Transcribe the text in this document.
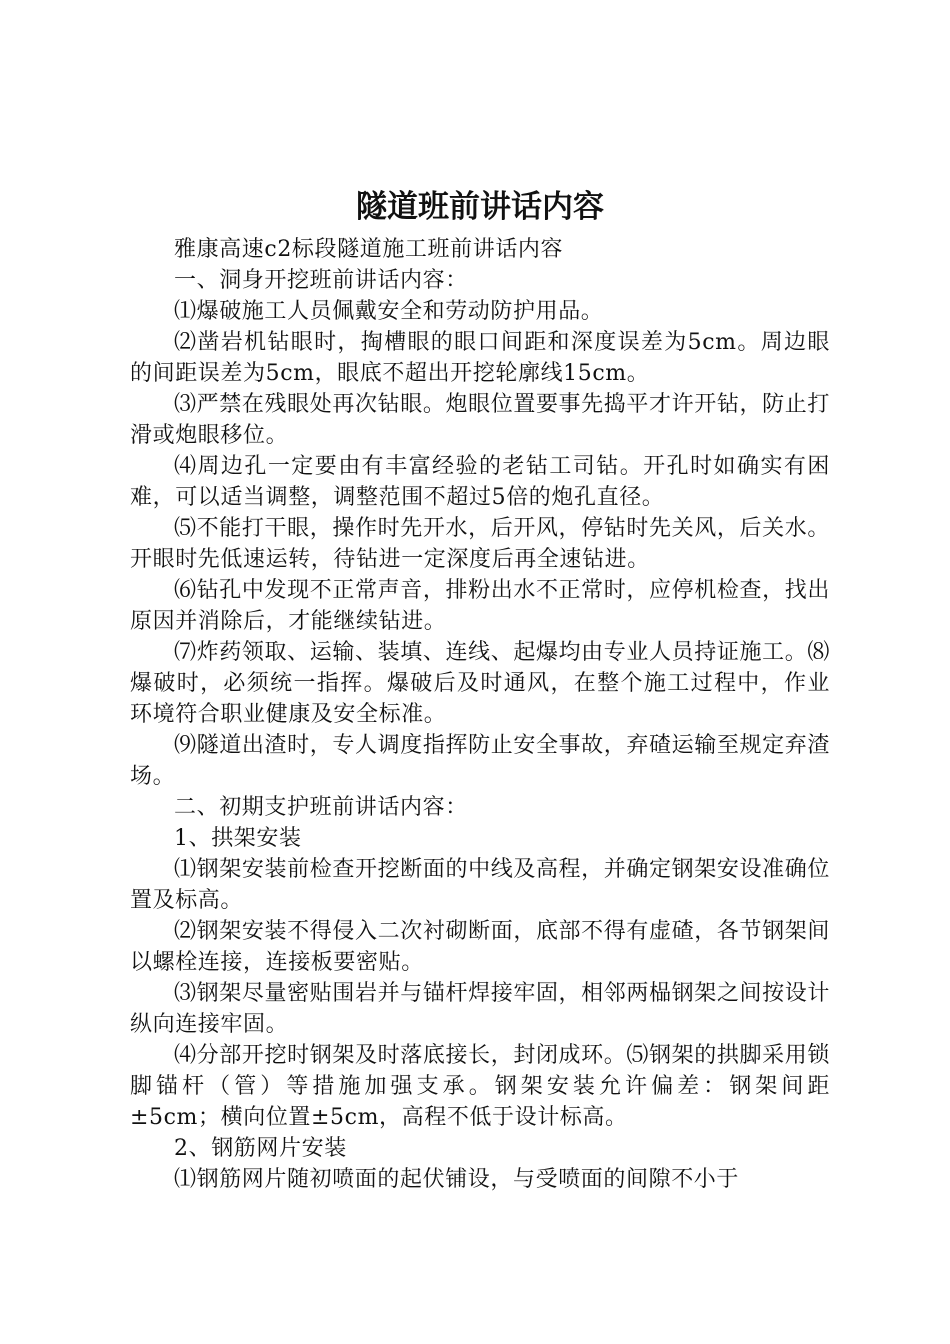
隧道班前讲话内容

雅康高速c2标段隧道施工班前讲话内容

一、洞身开挖班前讲话内容：

⑴爆破施工人员佩戴安全和劳动防护用品。

⑵凿岩机钻眼时，掏槽眼的眼口间距和深度误差为5cm。周边眼的间距误差为5cm，眼底不超出开挖轮廓线15cm。

⑶严禁在残眼处再次钻眼。炮眼位置要事先捣平才许开钻，防止打滑或炮眼移位。

⑷周边孔一定要由有丰富经验的老钻工司钻。开孔时如确实有困难，可以适当调整，调整范围不超过5倍的炮孔直径。

⑸不能打干眼，操作时先开水，后开风，停钻时先关风，后关水。开眼时先低速运转，待钻进一定深度后再全速钻进。

⑹钻孔中发现不正常声音，排粉出水不正常时，应停机检查，找出原因并消除后，才能继续钻进。

⑺炸药领取、运输、装填、连线、起爆均由专业人员持证施工。⑻爆破时，必须统一指挥。爆破后及时通风，在整个施工过程中，作业环境符合职业健康及安全标准。

⑼隧道出渣时，专人调度指挥防止安全事故，弃碴运输至规定弃渣场。

二、初期支护班前讲话内容：

1、拱架安装

⑴钢架安装前检查开挖断面的中线及高程，并确定钢架安设准确位置及标高。

⑵钢架安装不得侵入二次衬砌断面，底部不得有虚碴，各节钢架间以螺栓连接，连接板要密贴。

⑶钢架尽量密贴围岩并与锚杆焊接牢固，相邻两榀钢架之间按设计纵向连接牢固。

⑷分部开挖时钢架及时落底接长，封闭成环。⑸钢架的拱脚采用锁脚锚杆（管）等措施加强支承。钢架安装允许偏差：钢架间距±5cm；横向位置±5cm，高程不低于设计标高。

2、钢筋网片安装

⑴钢筋网片随初喷面的起伏铺设，与受喷面的间隙不小于
